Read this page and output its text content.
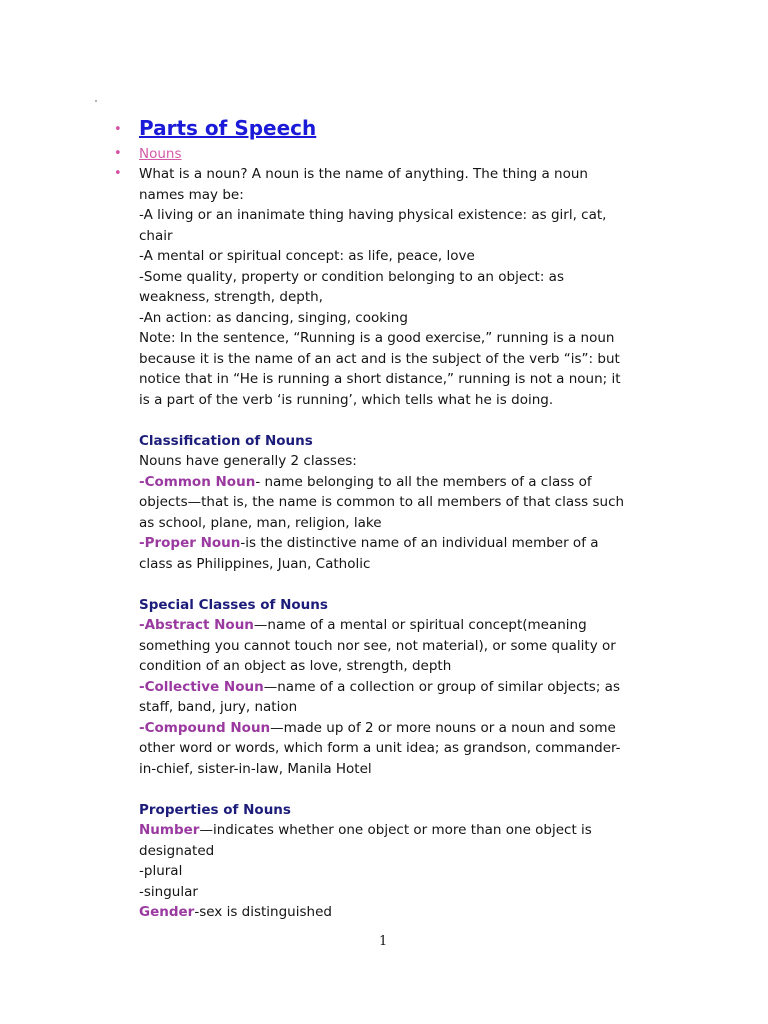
• Parts of Speech
• Nouns
• What is a noun? A noun is the name of anything. The thing a noun

names may be:

-A living or an inanimate thing having physical existence: as girl, cat,

chair

-A mental or spiritual concept: as life, peace, love

-Some quality, property or condition belonging to an object: as

weakness, strength, depth,

-An action: as dancing, singing, cooking

Note: In the sentence, “Running is a good exercise,” running is a noun

because it is the name of an act and is the subject of the verb “is”: but

notice that in “He is running a short distance,” running is not a noun; it

is a part of the verb ‘is running’, which tells what he is doing.

Classification of Nouns

Nouns have generally 2 classes:

-Common Noun- name belonging to all the members of a class of

objects—that is, the name is common to all members of that class such

as school, plane, man, religion, lake

-Proper Noun-is the distinctive name of an individual member of a

class as Philippines, Juan, Catholic

Special Classes of Nouns

-Abstract Noun—name of a mental or spiritual concept(meaning

something you cannot touch nor see, not material), or some quality or

condition of an object as love, strength, depth

-Collective Noun—name of a collection or group of similar objects; as

staff, band, jury, nation

-Compound Noun—made up of 2 or more nouns or a noun and some

other word or words, which form a unit idea; as grandson, commander-

in-chief, sister-in-law, Manila Hotel

Properties of Nouns

Number—indicates whether one object or more than one object is

designated

-plural

-singular

Gender-sex is distinguished

1
